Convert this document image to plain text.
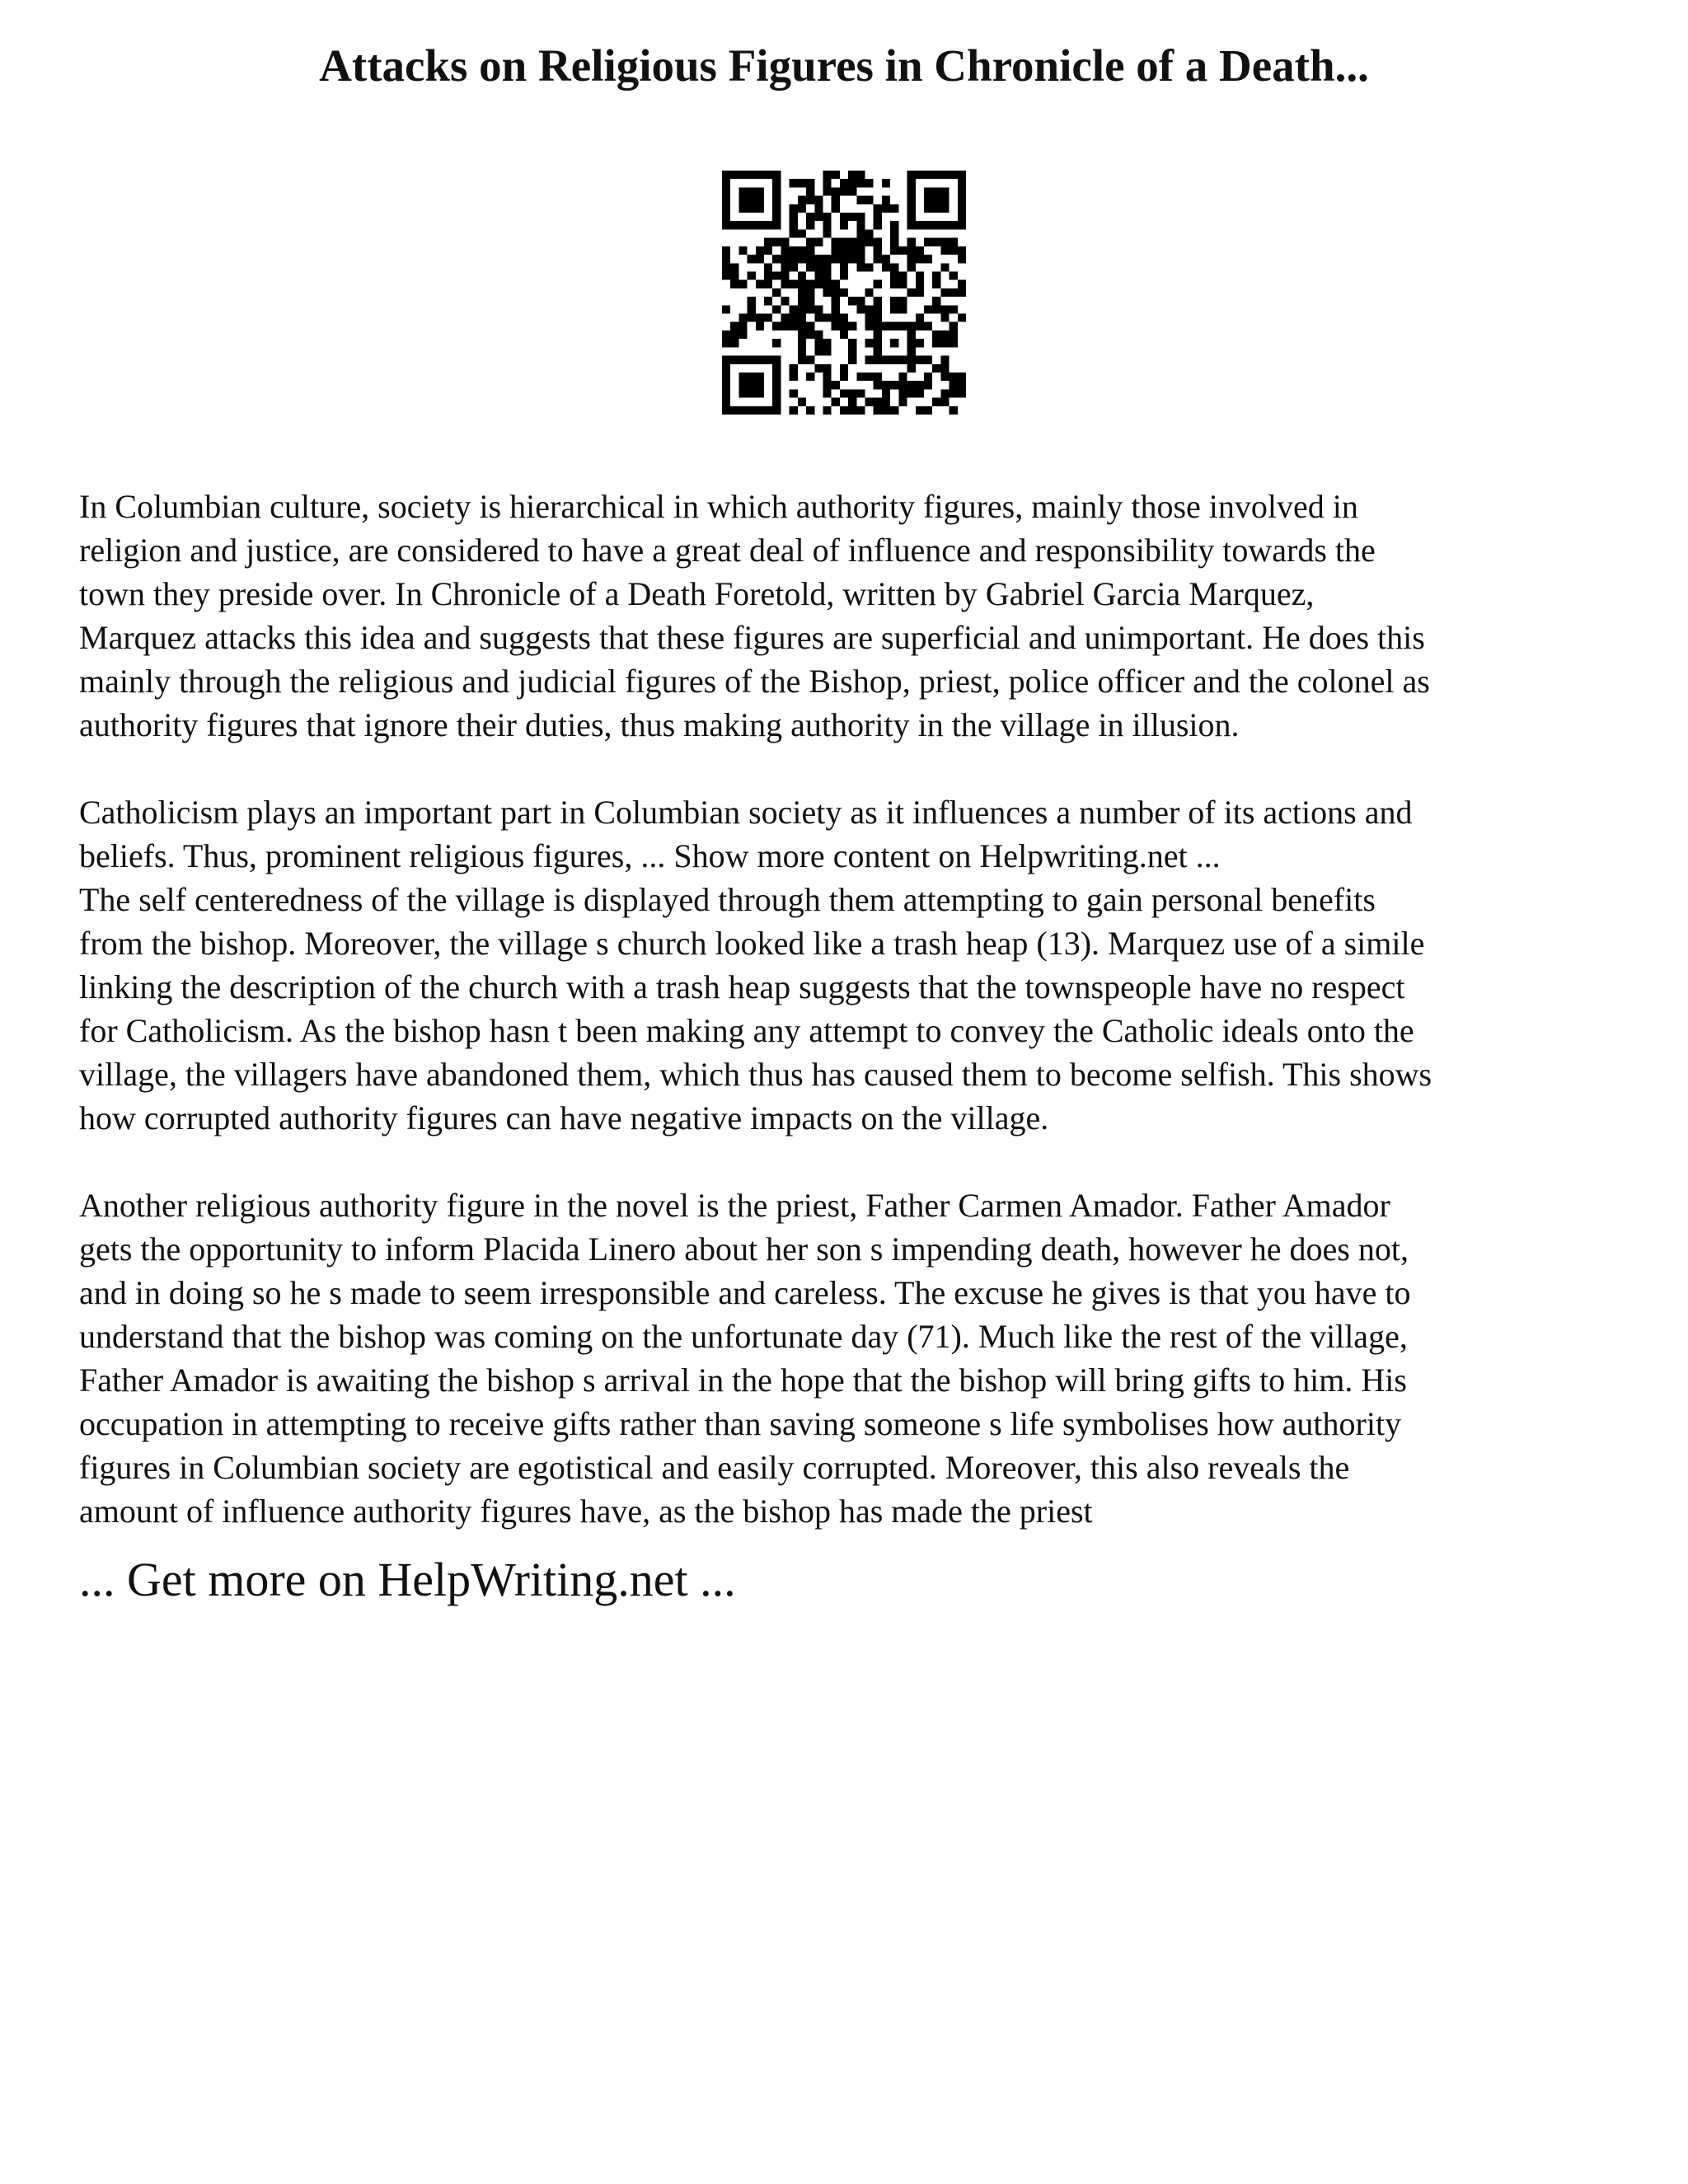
Attacks on Religious Figures in Chronicle of a Death...

In Columbian culture, society is hierarchical in which authority figures, mainly those involved in
religion and justice, are considered to have a great deal of influence and responsibility towards the
town they preside over. In Chronicle of a Death Foretold, written by Gabriel Garcia Marquez,
Marquez attacks this idea and suggests that these figures are superficial and unimportant. He does this
mainly through the religious and judicial figures of the Bishop, priest, police officer and the colonel as
authority figures that ignore their duties, thus making authority in the village in illusion.

Catholicism plays an important part in Columbian society as it influences a number of its actions and
beliefs. Thus, prominent religious figures, ... Show more content on Helpwriting.net ...
The self centeredness of the village is displayed through them attempting to gain personal benefits
from the bishop. Moreover, the village s church looked like a trash heap (13). Marquez use of a simile
linking the description of the church with a trash heap suggests that the townspeople have no respect
for Catholicism. As the bishop hasn t been making any attempt to convey the Catholic ideals onto the
village, the villagers have abandoned them, which thus has caused them to become selfish. This shows
how corrupted authority figures can have negative impacts on the village.

Another religious authority figure in the novel is the priest, Father Carmen Amador. Father Amador
gets the opportunity to inform Placida Linero about her son s impending death, however he does not,
and in doing so he s made to seem irresponsible and careless. The excuse he gives is that you have to
understand that the bishop was coming on the unfortunate day (71). Much like the rest of the village,
Father Amador is awaiting the bishop s arrival in the hope that the bishop will bring gifts to him. His
occupation in attempting to receive gifts rather than saving someone s life symbolises how authority
figures in Columbian society are egotistical and easily corrupted. Moreover, this also reveals the
amount of influence authority figures have, as the bishop has made the priest

... Get more on HelpWriting.net ...
